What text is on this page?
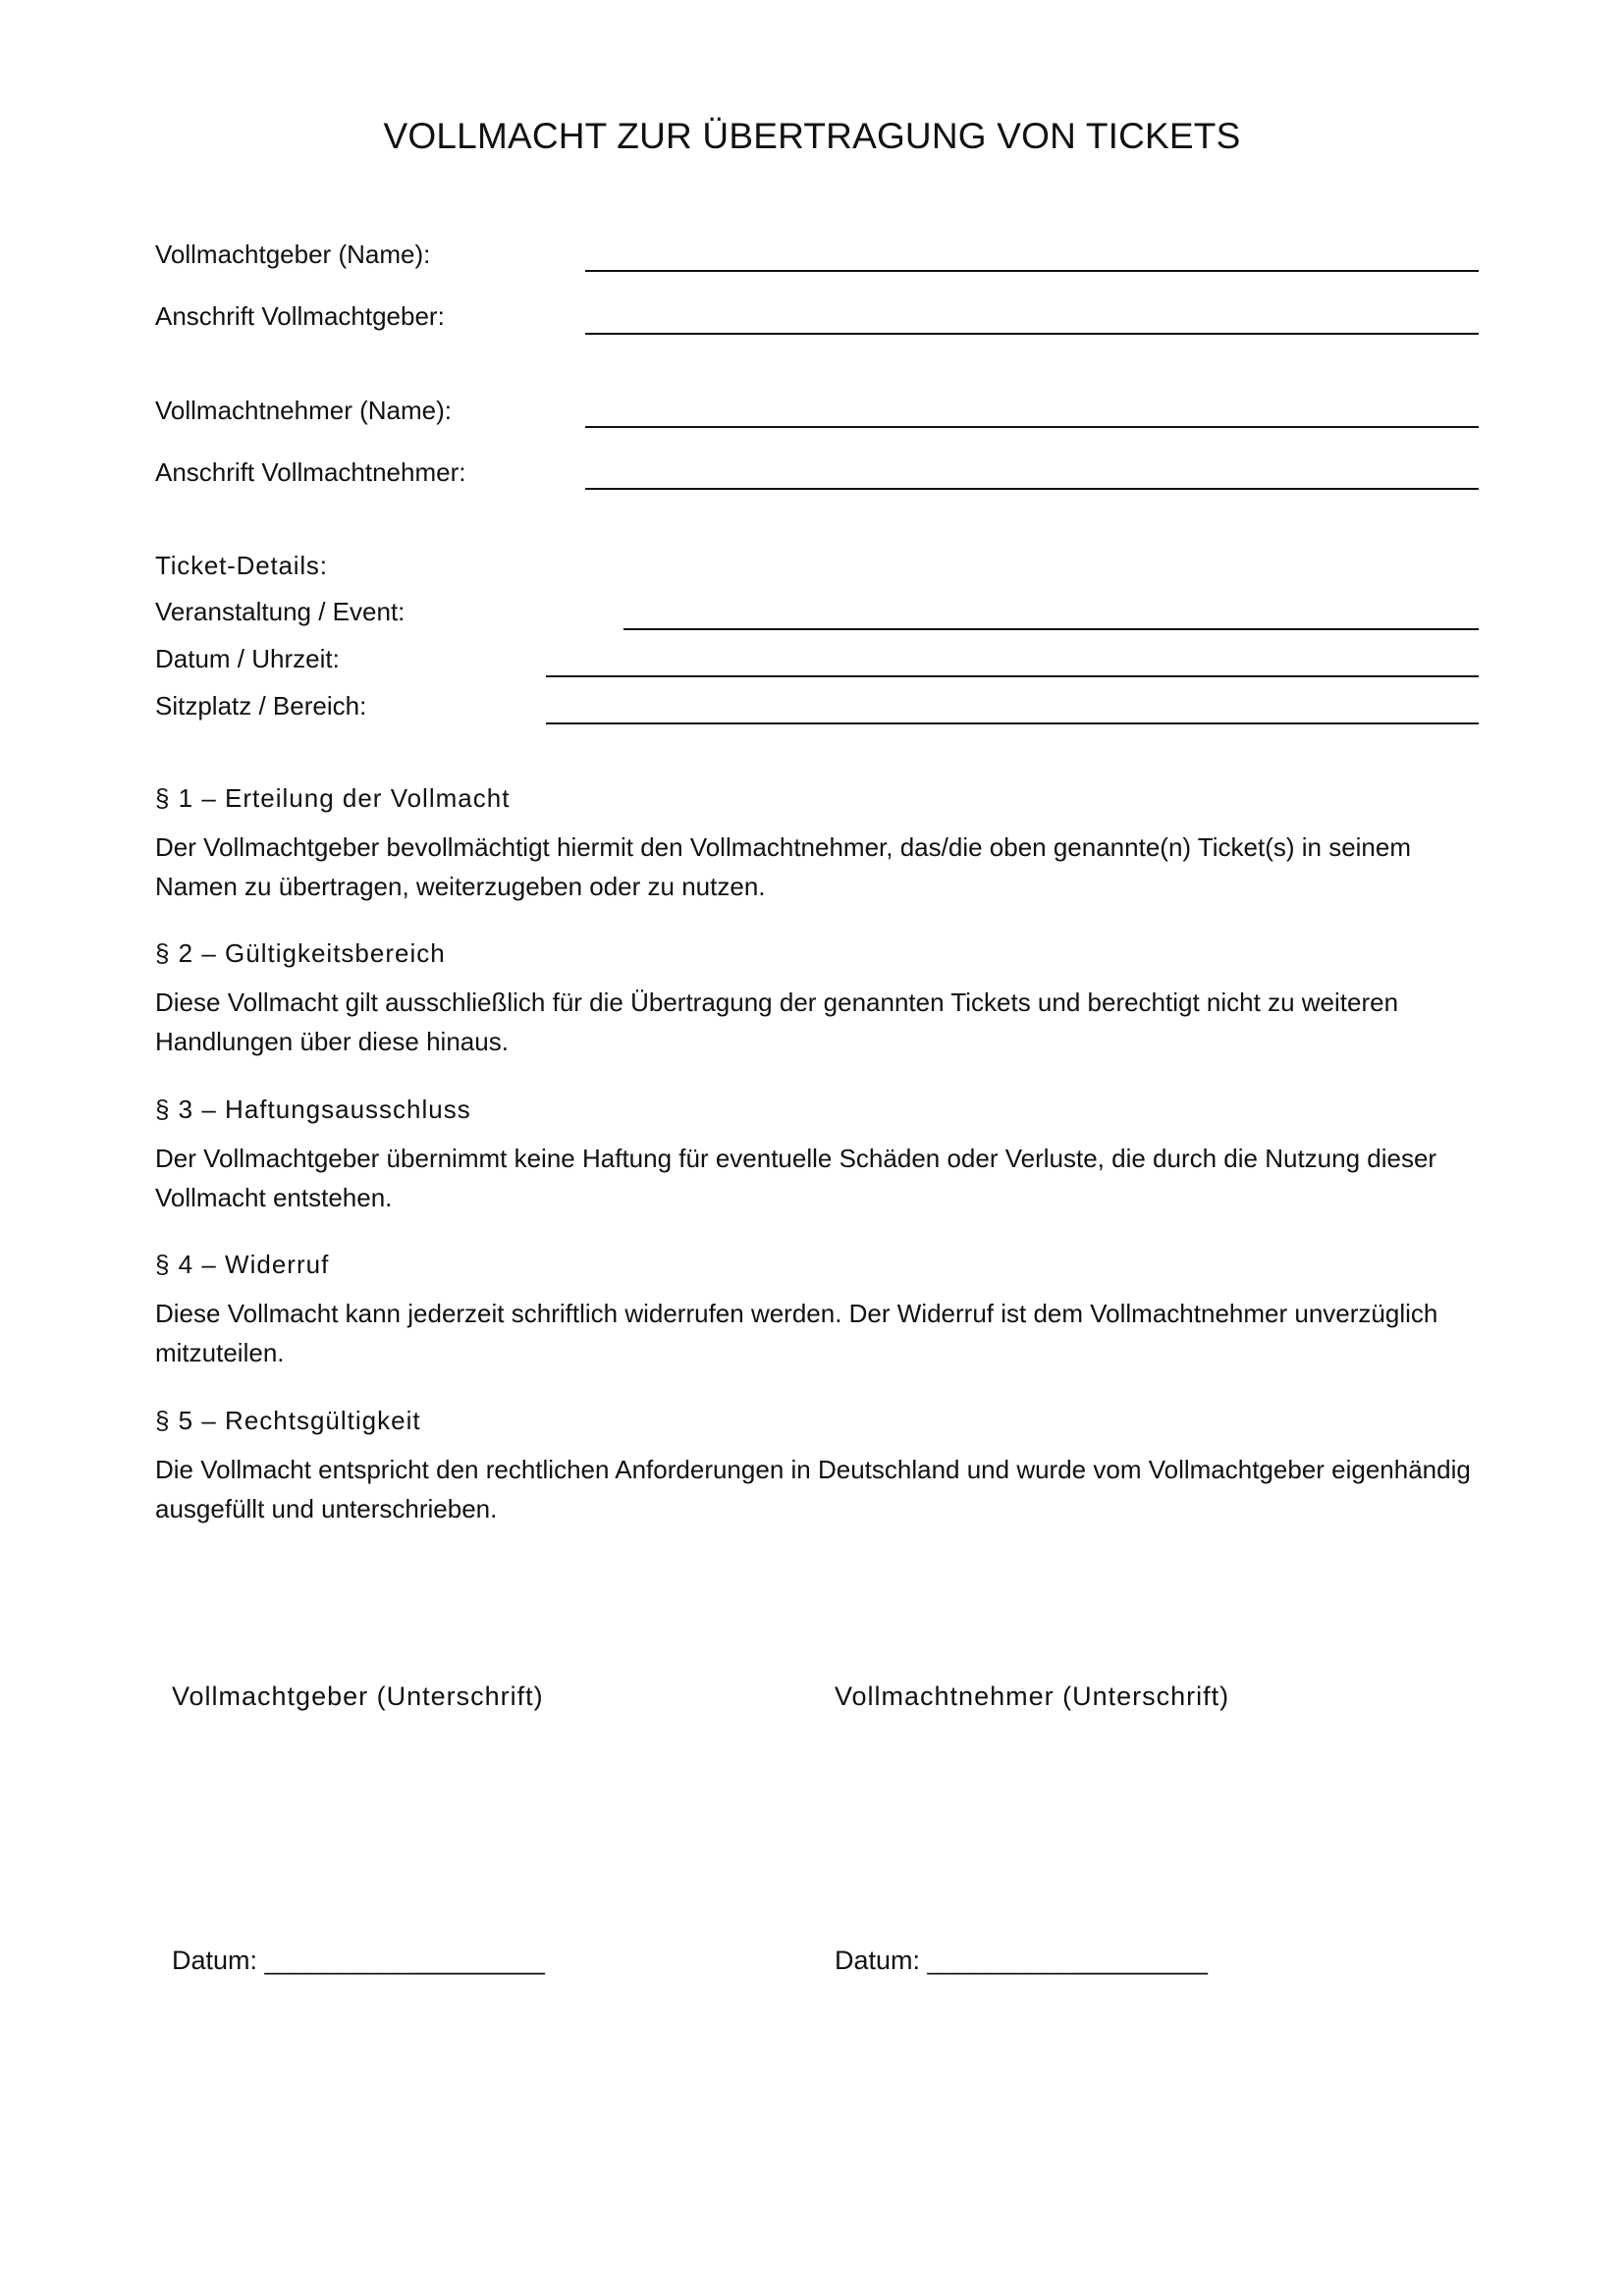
VOLLMACHT ZUR ÜBERTRAGUNG VON TICKETS
Vollmachtgeber (Name):
Anschrift Vollmachtgeber:
Vollmachtnehmer (Name):
Anschrift Vollmachtnehmer:
Ticket-Details:
Veranstaltung / Event:
Datum / Uhrzeit:
Sitzplatz / Bereich:
§ 1 – Erteilung der Vollmacht
Der Vollmachtgeber bevollmächtigt hiermit den Vollmachtnehmer, das/die oben genannte(n) Ticket(s) in seinem Namen zu übertragen, weiterzugeben oder zu nutzen.
§ 2 – Gültigkeitsbereich
Diese Vollmacht gilt ausschließlich für die Übertragung der genannten Tickets und berechtigt nicht zu weiteren Handlungen über diese hinaus.
§ 3 – Haftungsausschluss
Der Vollmachtgeber übernimmt keine Haftung für eventuelle Schäden oder Verluste, die durch die Nutzung dieser Vollmacht entstehen.
§ 4 – Widerruf
Diese Vollmacht kann jederzeit schriftlich widerrufen werden. Der Widerruf ist dem Vollmachtnehmer unverzüglich mitzuteilen.
§ 5 – Rechtsgültigkeit
Die Vollmacht entspricht den rechtlichen Anforderungen in Deutschland und wurde vom Vollmachtgeber eigenhändig ausgefüllt und unterschrieben.
Vollmachtgeber (Unterschrift)	Vollmachtnehmer (Unterschrift)
Datum: ___________________	Datum: ___________________
